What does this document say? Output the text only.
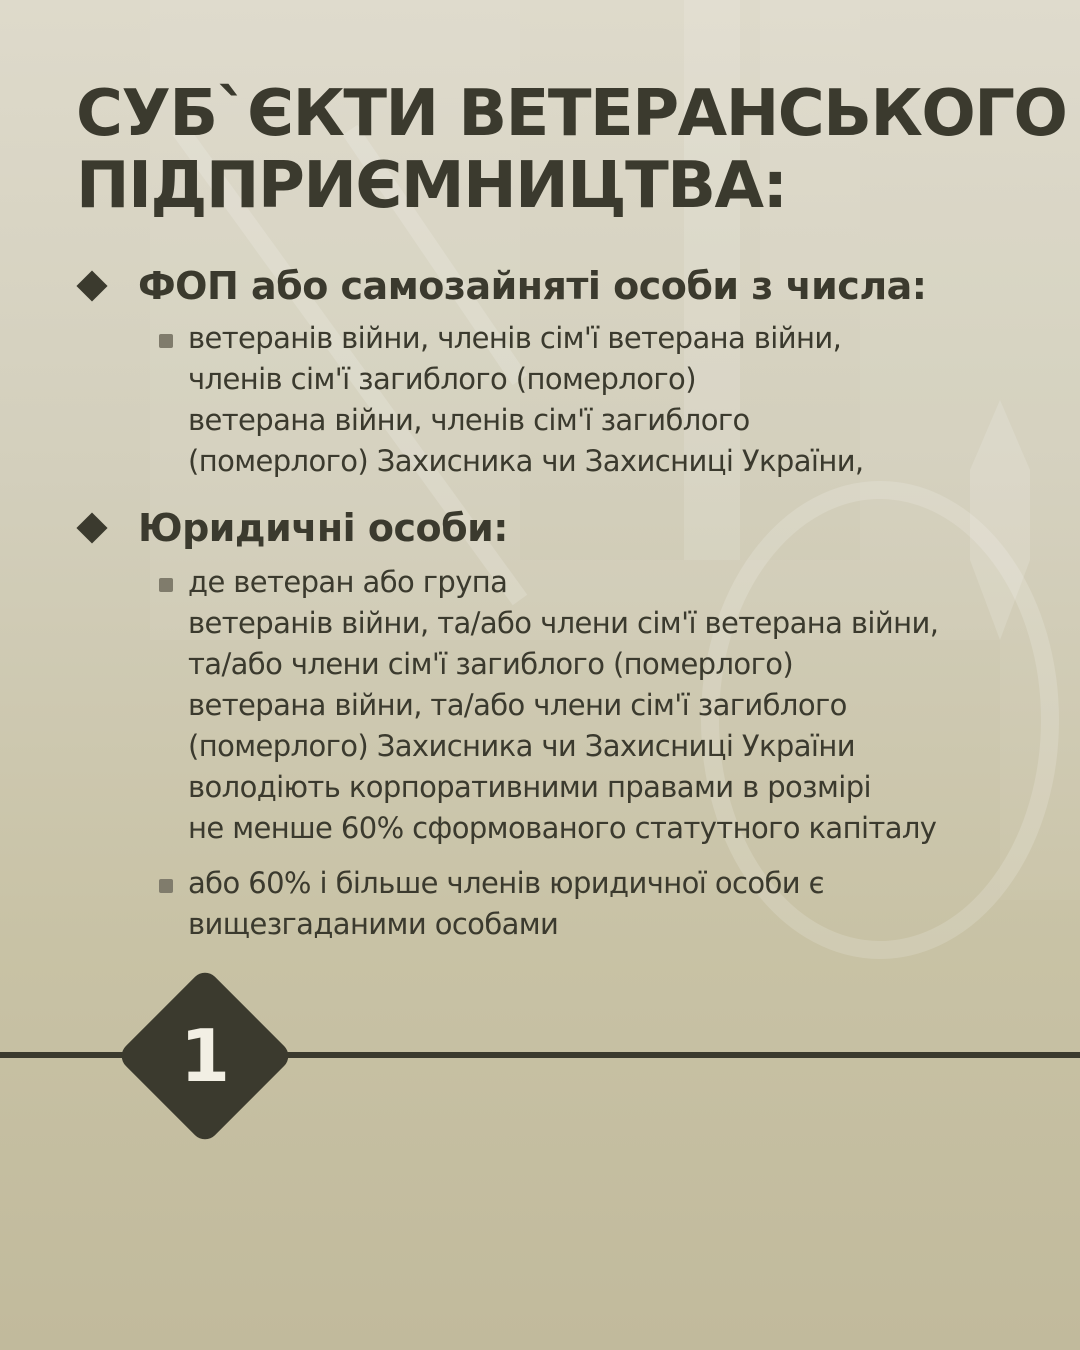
СУБ`ЄКТИ ВЕТЕРАНСЬКОГО
ПІДПРИЄМНИЦТВА:
ФОП або самозайняті особи з числа:
ветеранів війни, членів сім'ї ветерана війни,
членів сім'ї загиблого (померлого)
ветерана війни, членів сім'ї загиблого
(померлого) Захисника чи Захисниці України,
Юридичні особи:
де ветеран або група
ветеранів війни, та/або члени сім'ї ветерана війни,
та/або члени сім'ї загиблого (померлого)
ветерана війни, та/або члени сім'ї загиблого
(померлого) Захисника чи Захисниці України
володіють корпоративними правами в розмірі
не менше 60% сформованого статутного капіталу
або 60% і більше членів юридичної особи є
вищезгаданими особами
1
